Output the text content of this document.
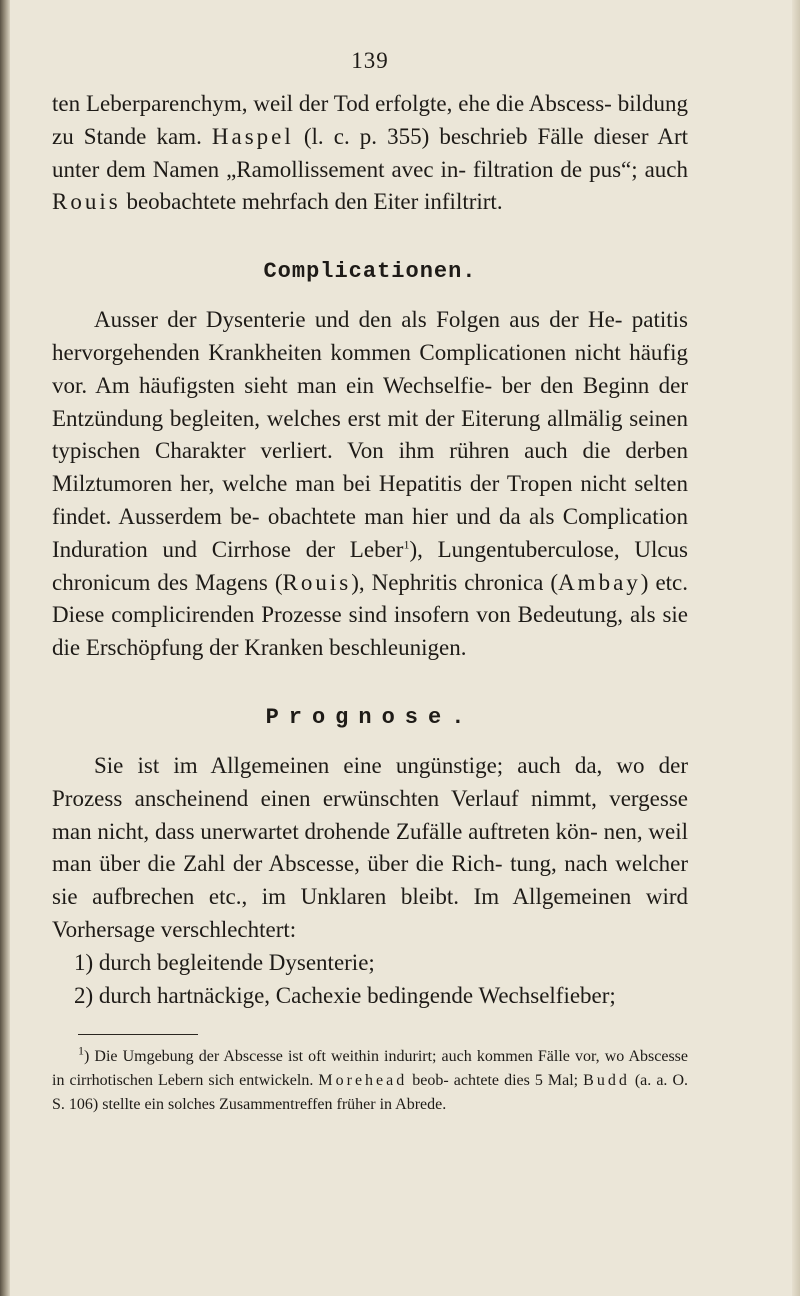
139

ten Leberparenchym, weil der Tod erfolgte, ehe die Abscess- bildung zu Stande kam. Haspel (l. c. p. 355) beschrieb Fälle dieser Art unter dem Namen „Ramollissement avec in- filtration de pus“; auch Rouis beobachtete mehrfach den Eiter infiltrirt.

Complicationen.

Ausser der Dysenterie und den als Folgen aus der He- patitis hervorgehenden Krankheiten kommen Complicationen nicht häufig vor. Am häufigsten sieht man ein Wechselfie- ber den Beginn der Entzündung begleiten, welches erst mit der Eiterung allmälig seinen typischen Charakter verliert. Von ihm rühren auch die derben Milztumoren her, welche man bei Hepatitis der Tropen nicht selten findet. Ausserdem be- obachtete man hier und da als Complication Induration und Cirrhose der Leber$^1$), Lungentuberculose, Ulcus chronicum des Magens (Rouis), Nephritis chronica (Ambay) etc. Diese complicirenden Prozesse sind insofern von Bedeutung, als sie die Erschöpfung der Kranken beschleunigen.

Prognose.

Sie ist im Allgemeinen eine ungünstige; auch da, wo der Prozess anscheinend einen erwünschten Verlauf nimmt, vergesse man nicht, dass unerwartet drohende Zufälle auftreten kön- nen, weil man über die Zahl der Abscesse, über die Rich- tung, nach welcher sie aufbrechen etc., im Unklaren bleibt. Im Allgemeinen wird Vorhersage verschlechtert:

1) durch begleitende Dysenterie;
2) durch hartnäckige, Cachexie bedingende Wechselfieber;

$^1$) Die Umgebung der Abscesse ist oft weithin indurirt; auch kommen Fälle vor, wo Abscesse in cirrhotischen Lebern sich entwickeln. Morehead beob- achtete dies 5 Mal; Budd (a. a. O. S. 106) stellte ein solches Zusammentreffen früher in Abrede.
